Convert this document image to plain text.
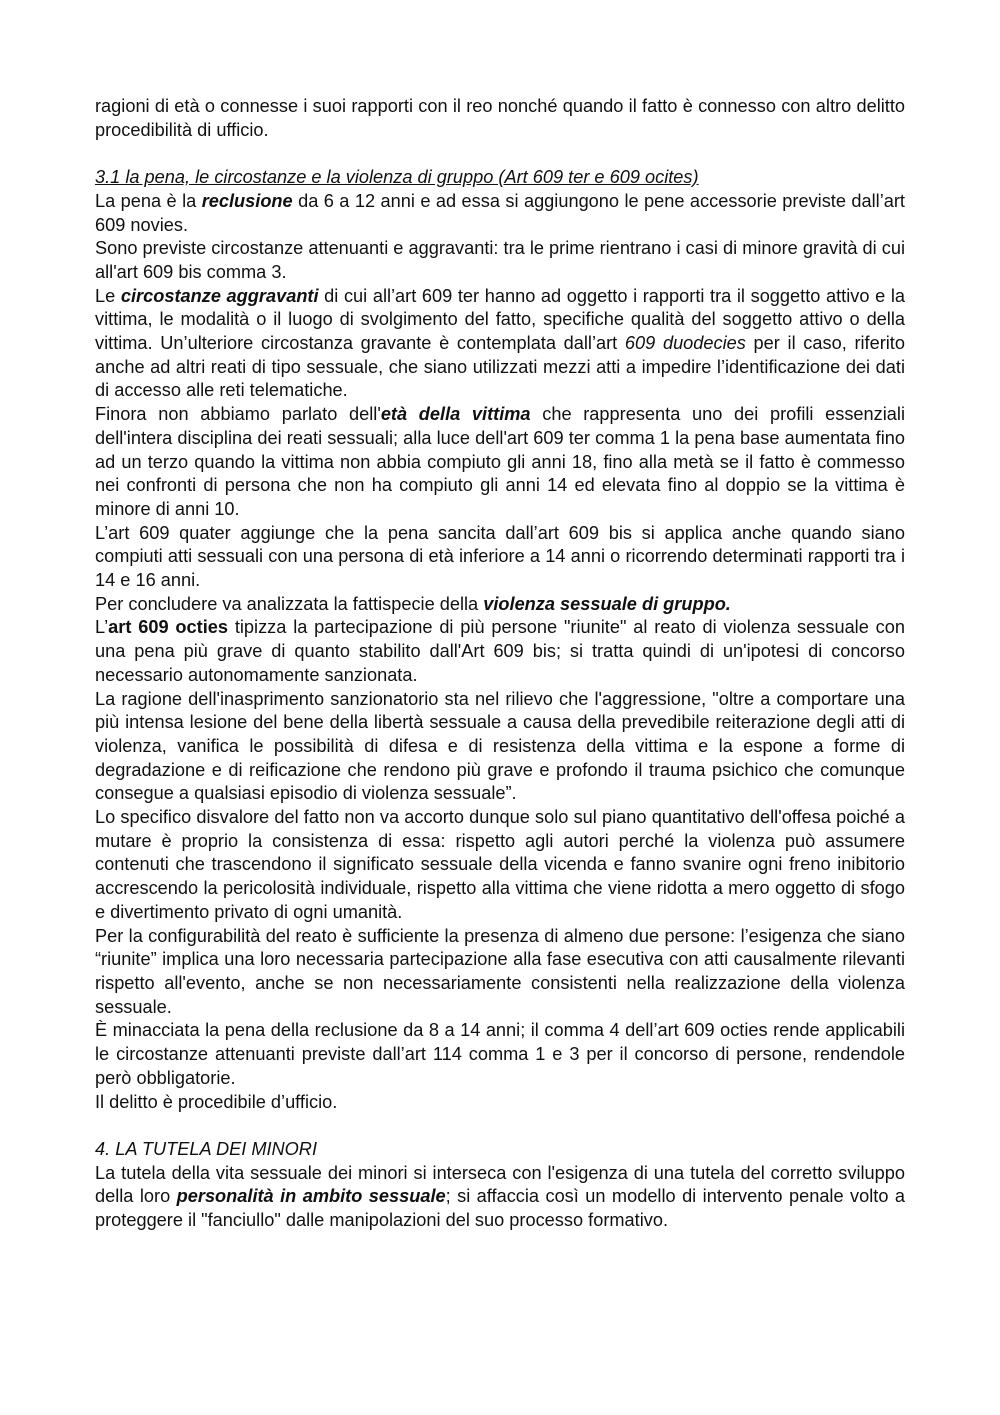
ragioni di età o connesse i suoi rapporti con il reo nonché quando il fatto è connesso con altro delitto procedibilità di ufficio.

3.1 la pena, le circostanze e la violenza di gruppo (Art 609 ter e 609 ocites)

La pena è la reclusione da 6 a 12 anni e ad essa si aggiungono le pene accessorie previste dall’art 609 novies.

Sono previste circostanze attenuanti e aggravanti: tra le prime rientrano i casi di minore gravità di cui all'art 609 bis comma 3.

Le circostanze aggravanti di cui all’art 609 ter hanno ad oggetto i rapporti tra il soggetto attivo e la vittima, le modalità o il luogo di svolgimento del fatto, specifiche qualità del soggetto attivo o della vittima. Un’ulteriore circostanza gravante è contemplata dall’art 609 duodecies per il caso, riferito anche ad altri reati di tipo sessuale, che siano utilizzati mezzi atti a impedire l’identificazione dei dati di accesso alle reti telematiche.

Finora non abbiamo parlato dell'età della vittima che rappresenta uno dei profili essenziali dell'intera disciplina dei reati sessuali; alla luce dell'art 609 ter comma 1 la pena base aumentata fino ad un terzo quando la vittima non abbia compiuto gli anni 18, fino alla metà se il fatto è commesso nei confronti di persona che non ha compiuto gli anni 14 ed elevata fino al doppio se la vittima è minore di anni 10.

L’art 609 quater aggiunge che la pena sancita dall’art 609 bis si applica anche quando siano compiuti atti sessuali con una persona di età inferiore a 14 anni o ricorrendo determinati rapporti tra i 14 e 16 anni.

Per concludere va analizzata la fattispecie della violenza sessuale di gruppo.

L’art 609 octies tipizza la partecipazione di più persone "riunite" al reato di violenza sessuale con una pena più grave di quanto stabilito dall'Art 609 bis; si tratta quindi di un'ipotesi di concorso necessario autonomamente sanzionata.

La ragione dell'inasprimento sanzionatorio sta nel rilievo che l'aggressione, "oltre a comportare una più intensa lesione del bene della libertà sessuale a causa della prevedibile reiterazione degli atti di violenza, vanifica le possibilità di difesa e di resistenza della vittima e la espone a forme di degradazione e di reificazione che rendono più grave e profondo il trauma psichico che comunque consegue a qualsiasi episodio di violenza sessuale”.

Lo specifico disvalore del fatto non va accorto dunque solo sul piano quantitativo dell'offesa poiché a mutare è proprio la consistenza di essa: rispetto agli autori perché la violenza può assumere contenuti che trascendono il significato sessuale della vicenda e fanno svanire ogni freno inibitorio accrescendo la pericolosità individuale, rispetto alla vittima che viene ridotta a mero oggetto di sfogo e divertimento privato di ogni umanità.

Per la configurabilità del reato è sufficiente la presenza di almeno due persone: l’esigenza che siano “riunite” implica una loro necessaria partecipazione alla fase esecutiva con atti causalmente rilevanti rispetto all'evento, anche se non necessariamente consistenti nella realizzazione della violenza sessuale.

È minacciata la pena della reclusione da 8 a 14 anni; il comma 4 dell’art 609 octies rende applicabili le circostanze attenuanti previste dall’art 114 comma 1 e 3 per il concorso di persone, rendendole però obbligatorie.

Il delitto è procedibile d’ufficio.

4. LA TUTELA DEI MINORI

La tutela della vita sessuale dei minori si interseca con l'esigenza di una tutela del corretto sviluppo della loro personalità in ambito sessuale; si affaccia così un modello di intervento penale volto a proteggere il "fanciullo" dalle manipolazioni del suo processo formativo.
